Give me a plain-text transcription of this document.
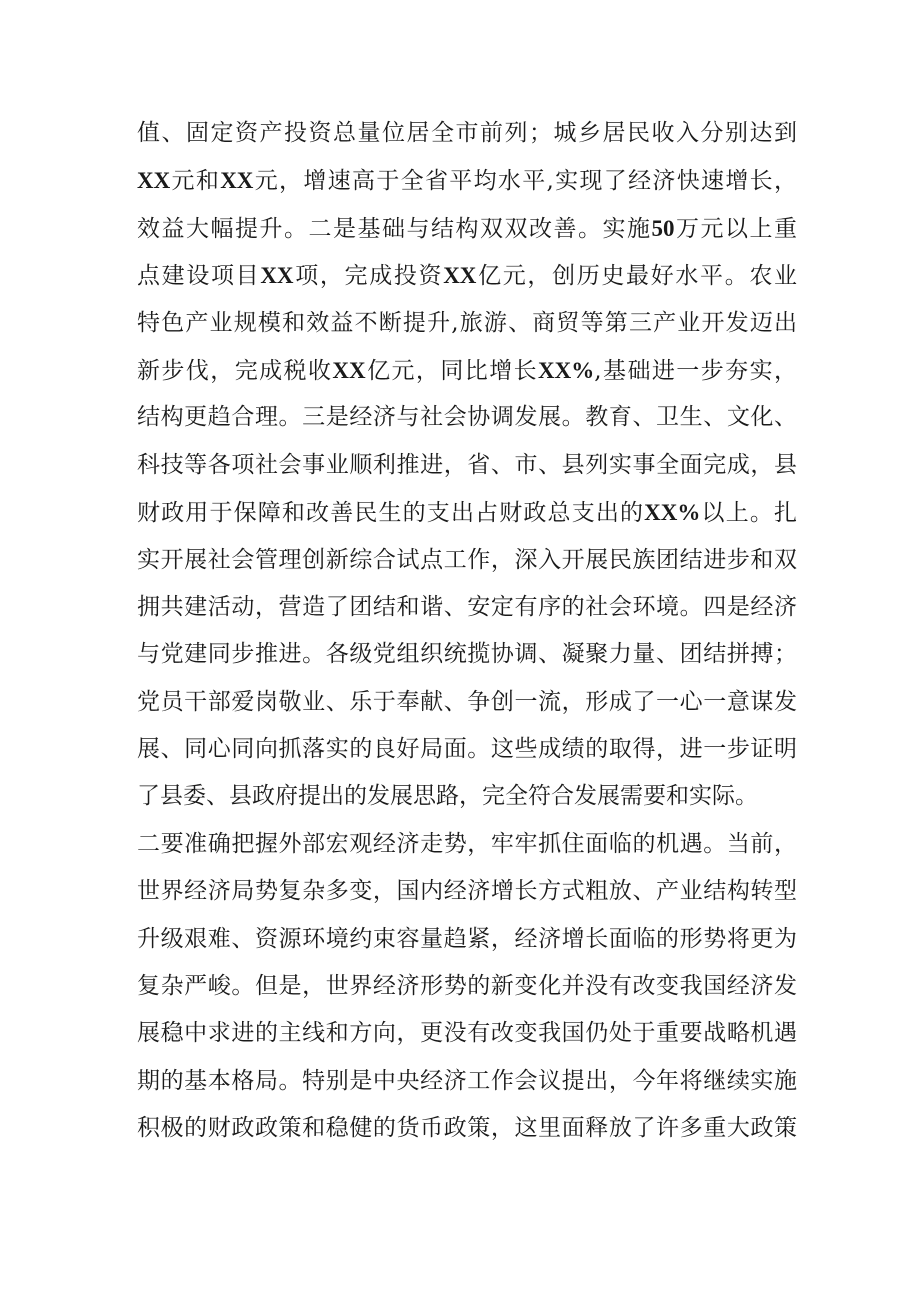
值、固定资产投资总量位居全市前列；城乡居民收入分别达到
XX元和XX元，增速高于全省平均水平,实现了经济快速增长，
效益大幅提升。二是基础与结构双双改善。实施50万元以上重
点建设项目XX项，完成投资XX亿元，创历史最好水平。农业
特色产业规模和效益不断提升,旅游、商贸等第三产业开发迈出
新步伐，完成税收XX亿元，同比增长XX%,基础进一步夯实，
结构更趋合理。三是经济与社会协调发展。教育、卫生、文化、
科技等各项社会事业顺利推进，省、市、县列实事全面完成，县
财政用于保障和改善民生的支出占财政总支出的XX%以上。扎
实开展社会管理创新综合试点工作，深入开展民族团结进步和双
拥共建活动，营造了团结和谐、安定有序的社会环境。四是经济
与党建同步推进。各级党组织统揽协调、凝聚力量、团结拼搏；
党员干部爱岗敬业、乐于奉献、争创一流，形成了一心一意谋发
展、同心同向抓落实的良好局面。这些成绩的取得，进一步证明
了县委、县政府提出的发展思路，完全符合发展需要和实际。
二要准确把握外部宏观经济走势，牢牢抓住面临的机遇。当前，
世界经济局势复杂多变，国内经济增长方式粗放、产业结构转型
升级艰难、资源环境约束容量趋紧，经济增长面临的形势将更为
复杂严峻。但是，世界经济形势的新变化并没有改变我国经济发
展稳中求进的主线和方向，更没有改变我国仍处于重要战略机遇
期的基本格局。特别是中央经济工作会议提出，今年将继续实施
积极的财政政策和稳健的货币政策，这里面释放了许多重大政策
